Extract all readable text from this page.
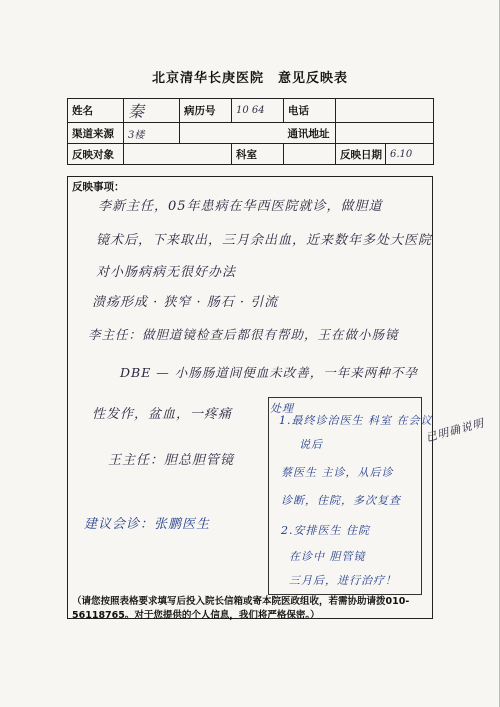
北京清华长庚医院　意见反映表
姓名	秦	病历号	10 64	电话		
渠道来源	3楼			通讯地址		
反映对象			科室		反映日期	6.10
反映事项：
李新主任，05年患病在华西医院就诊，做胆道
镜术后，下来取出，三月余出血，近来数年多处大医院
对小肠病病无很好办法
溃疡形成 · 狭窄 · 肠石 · 引流
李主任：做胆道镜检查后都很有帮助，王在做小肠镜
DBE — 小肠肠道间便血未改善，一年来两种不孕
性发作，盆血，一疼痛
王主任：胆总胆管镜
建议会诊：张鹏医生
1.最终诊治医生 科室 在会议
说后
蔡医生 主诊，从后诊
诊断，住院，多次复查
2.安排医生 住院
在诊中 胆管镜
三月后，进行治疗！
已明确说明
处理
（请您按照表格要求填写后投入院长信箱或寄本院医政组收，若需协助请拨010-56118765。对于您提供的个人信息，我们将严格保密。）
